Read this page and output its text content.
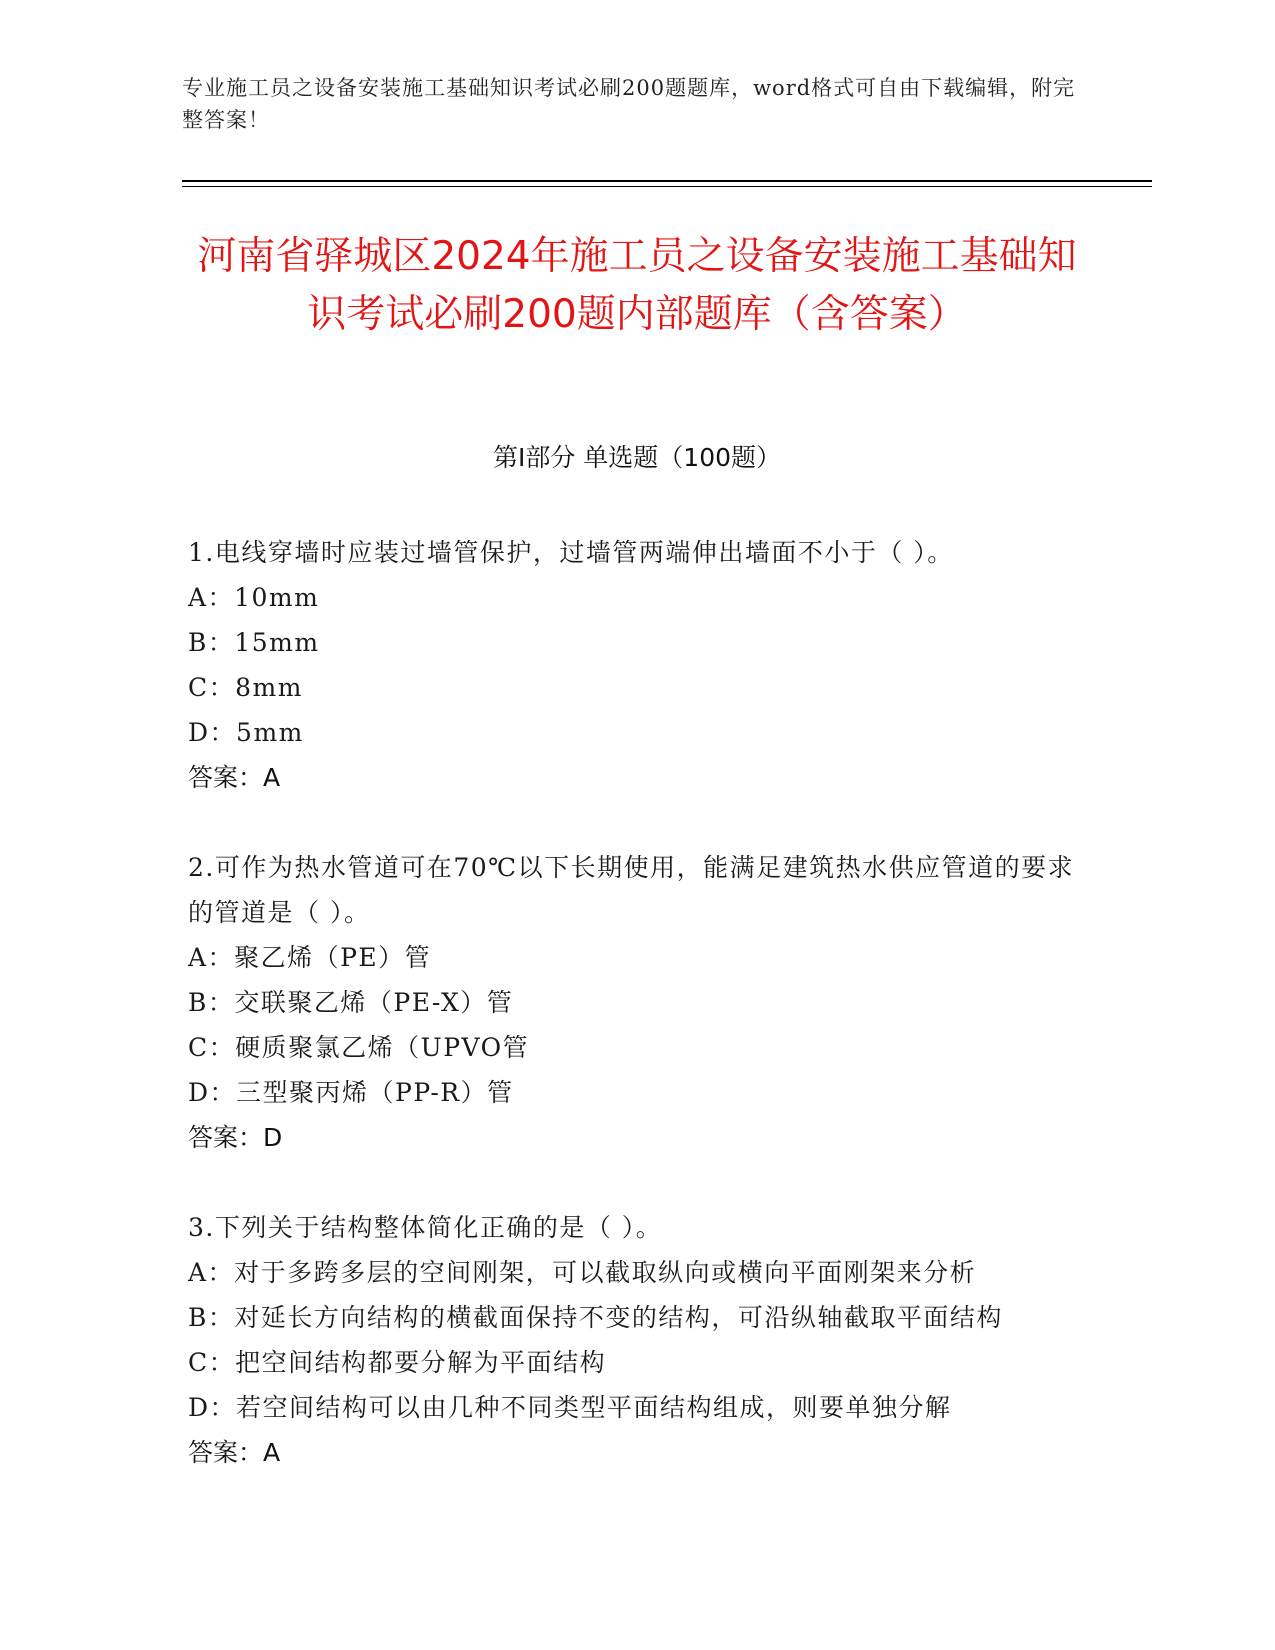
专业施工员之设备安装施工基础知识考试必刷200题题库，word格式可自由下载编辑，附完整答案！
河南省驿城区2024年施工员之设备安装施工基础知识考试必刷200题内部题库（含答案）
第Ⅰ部分 单选题（100题）
1.电线穿墙时应装过墙管保护，过墙管两端伸出墙面不小于（ ）。
A：10mm
B：15mm
C：8mm
D：5mm
答案：A
2.可作为热水管道可在70℃以下长期使用，能满足建筑热水供应管道的要求的管道是（ ）。
A：聚乙烯（PE）管
B：交联聚乙烯（PE-X）管
C：硬质聚氯乙烯（UPVO管
D：三型聚丙烯（PP-R）管
答案：D
3.下列关于结构整体简化正确的是（ ）。
A：对于多跨多层的空间刚架，可以截取纵向或横向平面刚架来分析
B：对延长方向结构的横截面保持不变的结构，可沿纵轴截取平面结构
C：把空间结构都要分解为平面结构
D：若空间结构可以由几种不同类型平面结构组成，则要单独分解
答案：A
